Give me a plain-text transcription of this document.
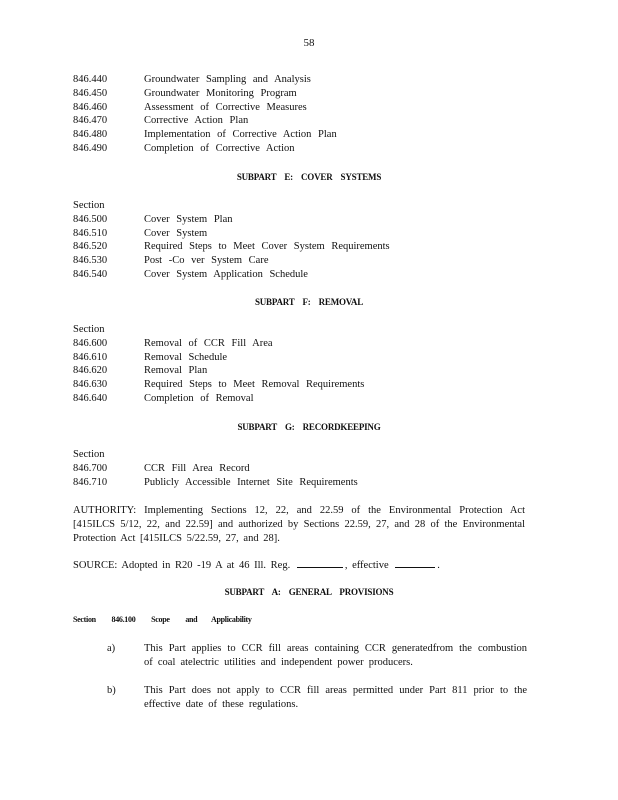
58
846.440	Groundwater Sampling and Analysis
846.450	Groundwater Monitoring Program
846.460	Assessment of Corrective Measures
846.470	Corrective Action Plan
846.480	Implementation of Corrective Action Plan
846.490	Completion of Corrective Action
SUBPART E: COVER SYSTEMS
Section
846.500	Cover System Plan
846.510	Cover System
846.520	Required Steps to Meet Cover System Requirements
846.530	Post -Co ver System Care
846.540	Cover System Application Schedule
SUBPART F: REMOVAL
Section
846.600	Removal of CCR Fill Area
846.610	Removal Schedule
846.620	Removal Plan
846.630	Required Steps to Meet Removal Requirements
846.640	Completion of Removal
SUBPART G: RECORDKEEPING
Section
846.700	CCR Fill Area Record
846.710	Publicly Accessible Internet Site Requirements
AUTHORITY: Implementing Sections 12, 22, and 22.59 of the Environmental Protection Act [415ILCS 5/12, 22, and 22.59] and authorized by Sections 22.59, 27, and 28 of the Environmental Protection Act [415ILCS 5/22.59, 27, and 28].
SOURCE: Adopted in R20 -19 A at 46 Ill. Reg.	, effective	.
SUBPART A: GENERAL PROVISIONS
Section 846.100 Scope and Applicability
a)	This Part applies to CCR fill areas containing CCR generatedfrom the combustion of coal atelectric utilities and independent power producers.
b)	This Part does not apply to CCR fill areas permitted under Part 811 prior to the effective date of these regulations.
